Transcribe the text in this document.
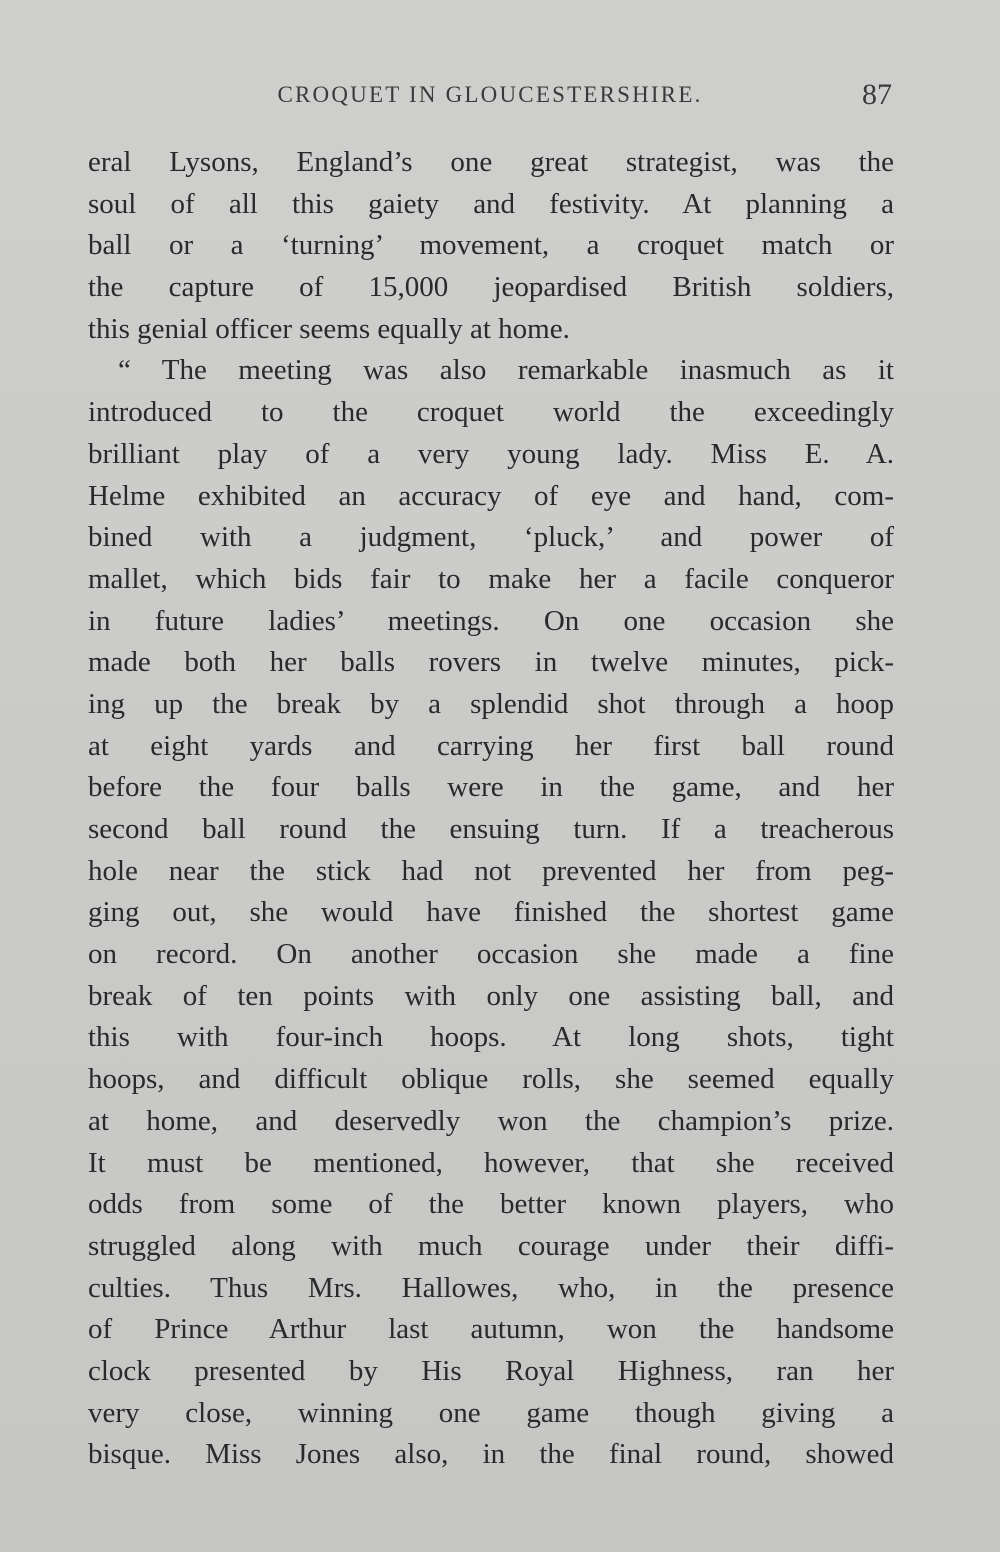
CROQUET IN GLOUCESTERSHIRE.	87
eral Lysons, England’s one great strategist, was the
soul of all this gaiety and festivity. At planning a
ball or a ‘turning’ movement, a croquet match or
the capture of 15,000 jeopardised British soldiers,
this genial officer seems equally at home.
“ The meeting was also remarkable inasmuch as it
introduced to the croquet world the exceedingly
brilliant play of a very young lady. Miss E. A.
Helme exhibited an accuracy of eye and hand, com-
bined with a judgment, ‘pluck,’ and power of
mallet, which bids fair to make her a facile conqueror
in future ladies’ meetings. On one occasion she
made both her balls rovers in twelve minutes, pick-
ing up the break by a splendid shot through a hoop
at eight yards and carrying her first ball round
before the four balls were in the game, and her
second ball round the ensuing turn. If a treacherous
hole near the stick had not prevented her from peg-
ging out, she would have finished the shortest game
on record. On another occasion she made a fine
break of ten points with only one assisting ball, and
this with four-inch hoops. At long shots, tight
hoops, and difficult oblique rolls, she seemed equally
at home, and deservedly won the champion’s prize.
It must be mentioned, however, that she received
odds from some of the better known players, who
struggled along with much courage under their diffi-
culties. Thus Mrs. Hallowes, who, in the presence
of Prince Arthur last autumn, won the handsome
clock presented by His Royal Highness, ran her
very close, winning one game though giving a
bisque. Miss Jones also, in the final round, showed
